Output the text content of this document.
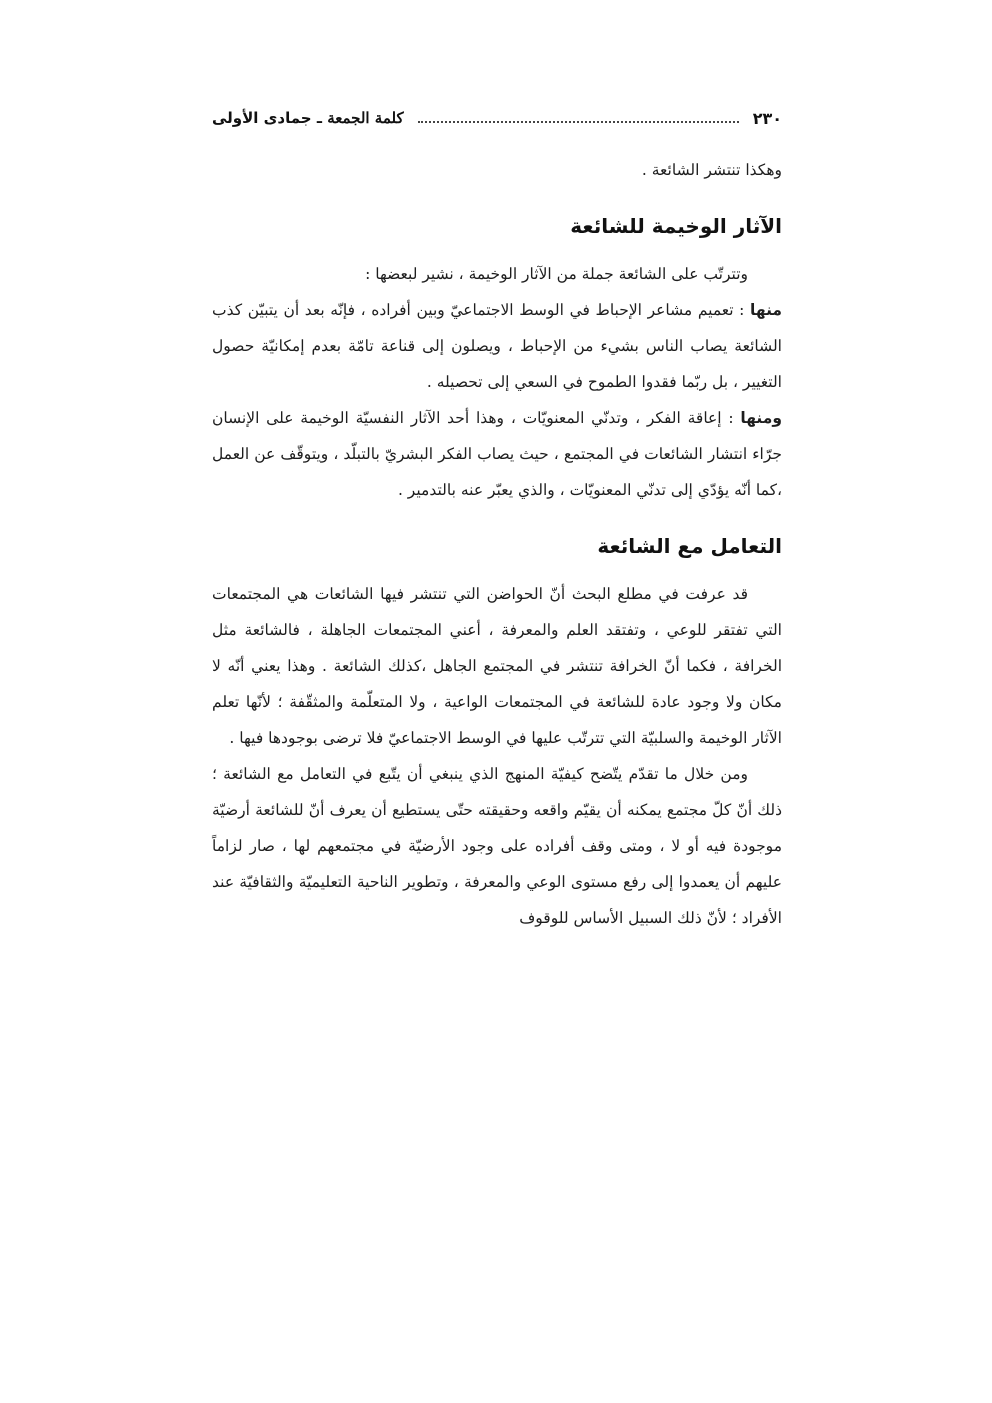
كلمة الجمعة ـ جمادى الأولى	٢٣٠

وهكذا تنتشر الشائعة .

الآثار الوخيمة للشائعة

وتترتّب على الشائعة جملة من الآثار الوخيمة ، نشير لبعضها :

منها : تعميم مشاعر الإحباط في الوسط الاجتماعيّ وبين أفراده ، فإنّه بعد أن يتبيّن كذب الشائعة يصاب الناس بشيء من الإحباط ، ويصلون إلى قناعة تامّة بعدم إمكانيّة حصول التغيير ، بل ربّما فقدوا الطموح في السعي إلى تحصيله .

ومنها : إعاقة الفكر ، وتدنّي المعنويّات ، وهذا أحد الآثار النفسيّة الوخيمة على الإنسان جرّاء انتشار الشائعات في المجتمع ، حيث يصاب الفكر البشريّ بالتبلّد ، ويتوقّف عن العمل ،كما أنّه يؤدّي إلى تدنّي المعنويّات ، والذي يعبّر عنه بالتدمير .

التعامل مع الشائعة

قد عرفت في مطلع البحث أنّ الحواضن التي تنتشر فيها الشائعات هي المجتمعات التي تفتقر للوعي ، وتفتقد العلم والمعرفة ، أعني المجتمعات الجاهلة ، فالشائعة مثل الخرافة ، فكما أنّ الخرافة تنتشر في المجتمع الجاهل ،كذلك الشائعة . وهذا يعني أنّه لا مكان ولا وجود عادة للشائعة في المجتمعات الواعية ، ولا المتعلّمة والمثقّفة ؛ لأنّها تعلم الآثار الوخيمة والسلبيّة التي تترتّب عليها في الوسط الاجتماعيّ فلا ترضى بوجودها فيها .

ومن خلال ما تقدّم يتّضح كيفيّة المنهج الذي ينبغي أن يتّبع في التعامل مع الشائعة ؛ ذلك أنّ كلّ مجتمع يمكنه أن يقيّم واقعه وحقيقته حتّى يستطيع أن يعرف أنّ للشائعة أرضيّة موجودة فيه أو لا ، ومتى وقف أفراده على وجود الأرضيّة في مجتمعهم لها ، صار لزاماً عليهم أن يعمدوا إلى رفع مستوى الوعي والمعرفة ، وتطوير الناحية التعليميّة والثقافيّة عند الأفراد ؛ لأنّ ذلك السبيل الأساس للوقوف
